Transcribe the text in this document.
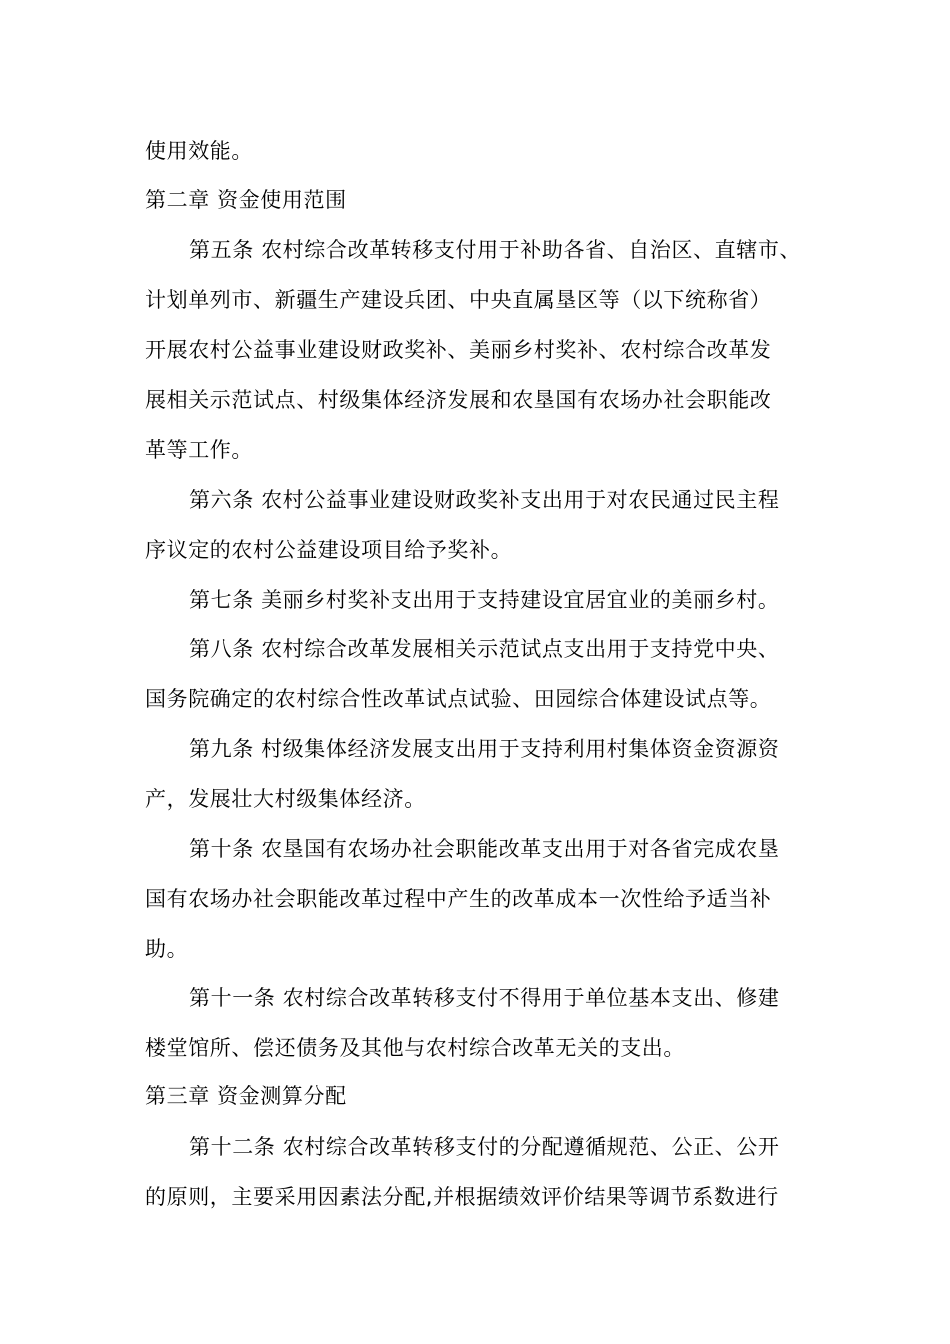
使用效能。
第二章 资金使用范围
第五条 农村综合改革转移支付用于补助各省、自治区、直辖市、
计划单列市、新疆生产建设兵团、中央直属垦区等（以下统称省）
开展农村公益事业建设财政奖补、美丽乡村奖补、农村综合改革发
展相关示范试点、村级集体经济发展和农垦国有农场办社会职能改
革等工作。
第六条 农村公益事业建设财政奖补支出用于对农民通过民主程
序议定的农村公益建设项目给予奖补。
第七条 美丽乡村奖补支出用于支持建设宜居宜业的美丽乡村。
第八条 农村综合改革发展相关示范试点支出用于支持党中央、
国务院确定的农村综合性改革试点试验、田园综合体建设试点等。
第九条 村级集体经济发展支出用于支持利用村集体资金资源资
产，发展壮大村级集体经济。
第十条 农垦国有农场办社会职能改革支出用于对各省完成农垦
国有农场办社会职能改革过程中产生的改革成本一次性给予适当补
助。
第十一条 农村综合改革转移支付不得用于单位基本支出、修建
楼堂馆所、偿还债务及其他与农村综合改革无关的支出。
第三章 资金测算分配
第十二条 农村综合改革转移支付的分配遵循规范、公正、公开
的原则，主要采用因素法分配,并根据绩效评价结果等调节系数进行
